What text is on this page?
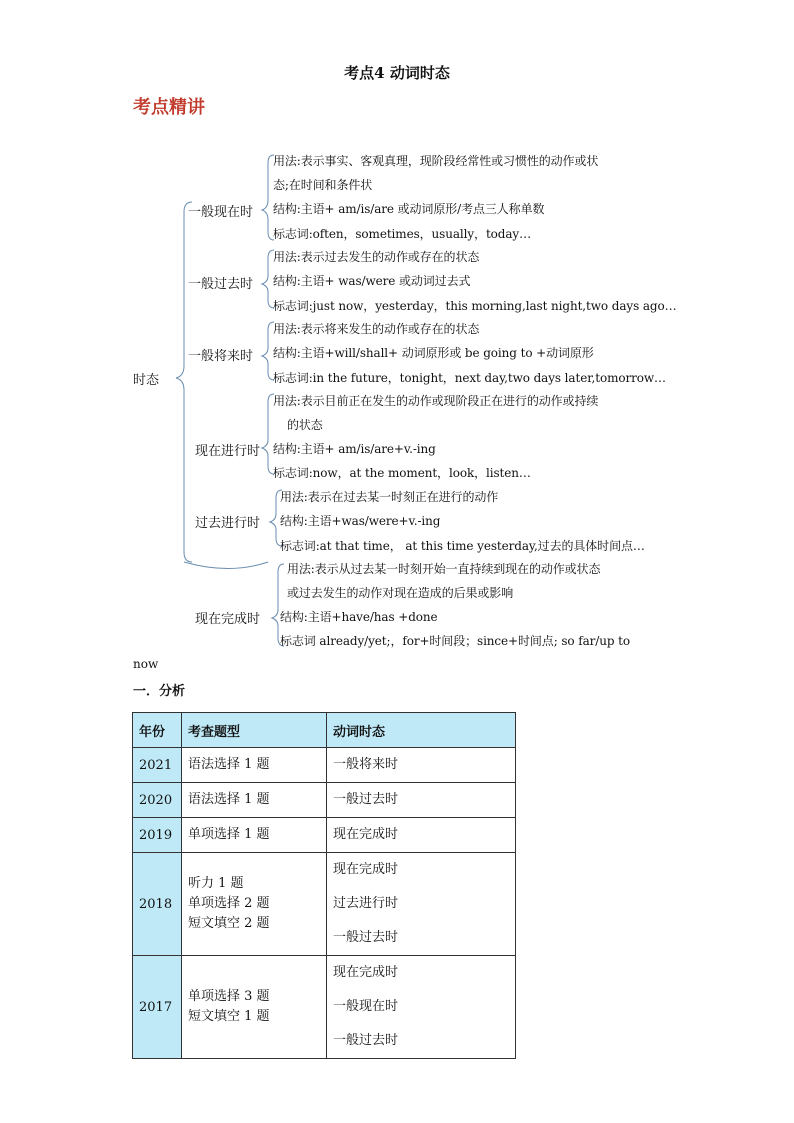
考点4 动词时态
考点精讲
时态
一般现在时
用法:表示事实、客观真理，现阶段经常性或习惯性的动作或状
态;在时间和条件状
结构:主语+ am/is/are 或动词原形/考点三人称单数
标志词:often，sometimes，usually，today…
一般过去时
用法:表示过去发生的动作或存在的状态
结构:主语+ was/were 或动词过去式
标志词:just now，yesterday，this morning,last night,two days ago…
一般将来时
用法:表示将来发生的动作或存在的状态
结构:主语+will/shall+ 动词原形或 be going to +动词原形
标志词:in the future，tonight，next day,two days later,tomorrow…
现在进行时
用法:表示目前正在发生的动作或现阶段正在进行的动作或持续
的状态
结构:主语+ am/is/are+v.-ing
标志词:now，at the moment，look，listen…
过去进行时
用法:表示在过去某一时刻正在进行的动作
结构:主语+was/were+v.-ing
标志词:at that time， at this time yesterday,过去的具体时间点…
现在完成时
用法:表示从过去某一时刻开始一直持续到现在的动作或状态
或过去发生的动作对现在造成的后果或影响
结构:主语+have/has +done
标志词 already/yet;，for+时间段；since+时间点; so far/up to
now
一．分析
年份	考查题型	动词时态
2021	语法选择 1 题	一般将来时

2020	语法选择 1 题	一般过去时

2019	单项选择 1 题	现在完成时

2018	听力 1 题
单项选择 2 题
短文填空 2 题	现在完成时
过去进行时
一般过去时

2017	单项选择 3 题
短文填空 1 题	现在完成时
一般现在时
一般过去时
